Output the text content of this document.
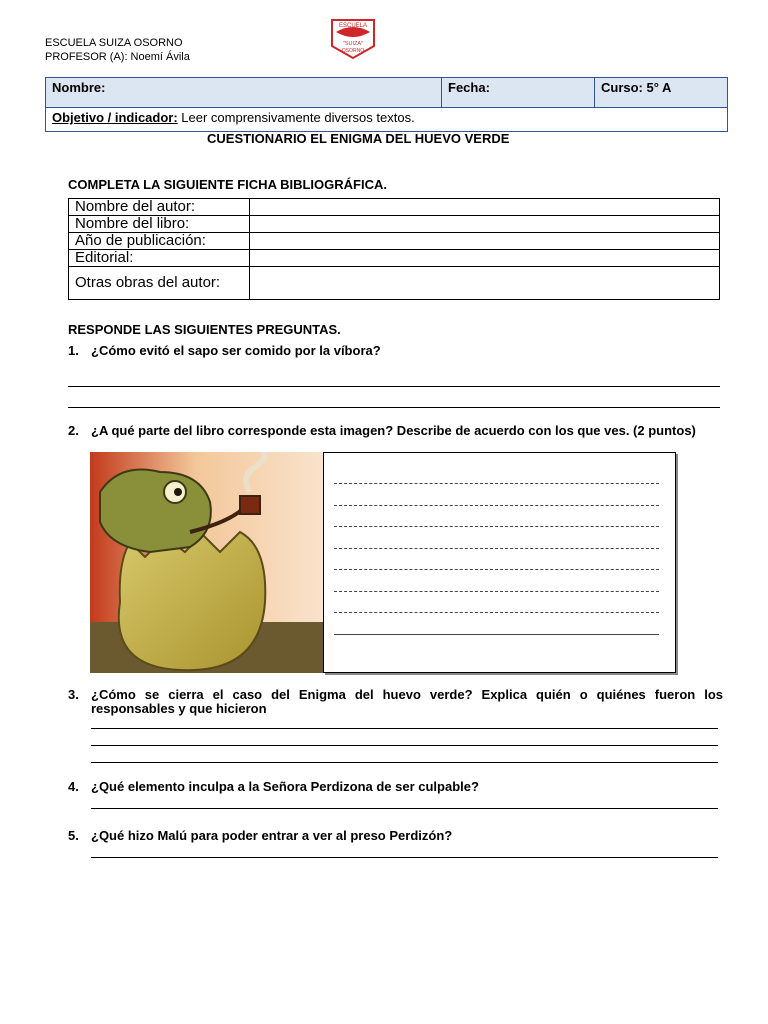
ESCUELA SUIZA OSORNO
PROFESOR (A): Noemí Ávila
ESCUELA
"SUIZA"
OSORNO
Nombre:	Fecha:	Curso: 5° A
Objetivo / indicador: Leer comprensivamente diversos textos.
CUESTIONARIO EL ENIGMA DEL HUEVO VERDE
COMPLETA LA SIGUIENTE FICHA BIBLIOGRÁFICA.
Nombre del autor:	
Nombre del libro:	
Año de publicación:	
Editorial:	
Otras obras del autor:	
RESPONDE LAS SIGUIENTES PREGUNTAS.
1. ¿Cómo evitó el sapo ser comido por la víbora?
2. ¿A qué parte del libro corresponde esta imagen? Describe de acuerdo con los que ves. (2 puntos)
3. ¿Cómo se cierra el caso del Enigma del huevo verde? Explica quién o quiénes fueron los responsables y que hicieron
4. ¿Qué elemento inculpa a la Señora Perdizona de ser culpable?
5. ¿Qué hizo Malú para poder entrar a ver al preso Perdizón?
